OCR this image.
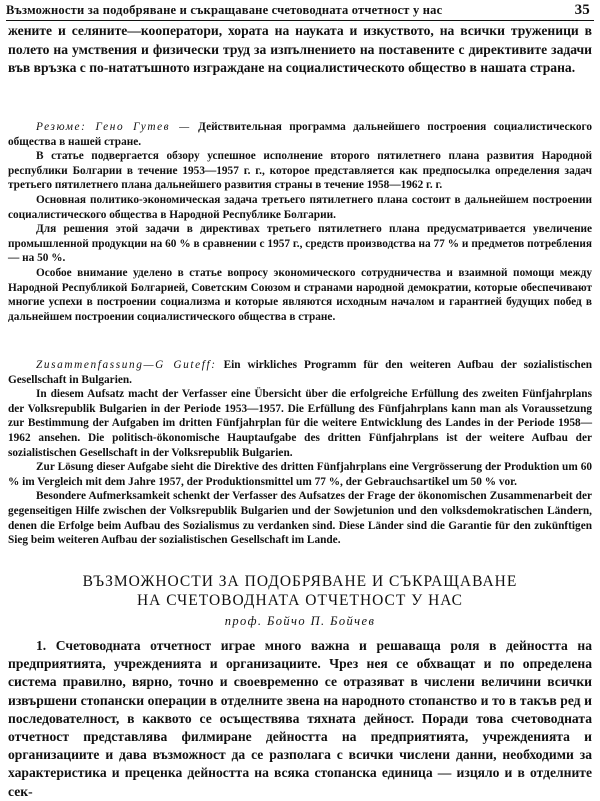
Възможности за подобряване и съкращаване счетоводната отчетност у нас	35

жените и селяните—кооператори, хората на науката и изкуството, на всички труженици в полето на умствения и физически труд за изпълнението на поставените с директивите задачи във връзка с по-нататъшното изграждане на социалистическото общество в нашата страна.

Резюме: Гено Гутев — Действительная программа дальнейшего построения социалистического общества в нашей стране.

В статье подвергается обзору успешное исполнение второго пятилетнего плана развития Народной республики Болгарии в течение 1953—1957 г. г., которое представляется как предпосылка определения задач третьего пятилетнего плана дальнейшего развития страны в течение 1958—1962 г. г.

Основная политико-экономическая задача третьего пятилетнего плана состоит в дальнейшем построении социалистического общества в Народной Республике Болгарии.

Для решения этой задачи в директивах третьего пятилетнего плана предусматривается увеличение промышленной продукции на 60 % в сравнении с 1957 г., средств производства на 77 % и предметов потребления — на 50 %.

Особое внимание уделено в статье вопросу экономического сотрудничества и взаимной помощи между Народной Республикой Болгарией, Советским Союзом и странами народной демократии, которые обеспечивают многие успехи в построении социализма и которые являются исходным началом и гарантией будущих побед в дальнейшем построении социалистического общества в стране.

Zusammenfassung—G Guteff: Ein wirkliches Programm für den weiteren Aufbau der sozialistischen Gesellschaft in Bulgarien.

In diesem Aufsatz macht der Verfasser eine Übersicht über die erfolgreiche Erfüllung des zweiten Fünfjahrplans der Volksrepublik Bulgarien in der Periode 1953—1957. Die Erfüllung des Fünfjahrplans kann man als Voraussetzung zur Bestimmung der Aufgaben im dritten Fünfjahrplan für die weitere Entwicklung des Landes in der Periode 1958—1962 ansehen. Die politisch-ökonomische Hauptaufgabe des dritten Fünfjahrplans ist der weitere Aufbau der sozialistischen Gesellschaft in der Volksrepublik Bulgarien.

Zur Lösung dieser Aufgabe sieht die Direktive des dritten Fünfjahrplans eine Vergrösserung der Produktion um 60 % im Vergleich mit dem Jahre 1957, der Produktionsmittel um 77 %, der Gebrauchsartikel um 50 % vor.

Besondere Aufmerksamkeit schenkt der Verfasser des Aufsatzes der Frage der ökonomischen Zusammenarbeit der gegenseitigen Hilfe zwischen der Volksrepublik Bulgarien und der Sowjetunion und den volksdemokratischen Ländern, denen die Erfolge beim Aufbau des Sozialismus zu verdanken sind. Diese Länder sind die Garantie für den zukünftigen Sieg beim weiteren Aufbau der sozialistischen Gesellschaft im Lande.

ВЪЗМОЖНОСТИ ЗА ПОДОБРЯВАНЕ И СЪКРАЩАВАНЕ
НА СЧЕТОВОДНАТА ОТЧЕТНОСТ У НАС
проф. Бойчо П. Бойчев

1. Счетоводната отчетност играе много важна и решаваща роля в дейността на предприятията, учрежденията и организациите. Чрез нея се обхващат и по определена система правилно, вярно, точно и своевременно се отразяват в числени величини всички извършени стопански операции в отделните звена на народното стопанство и то в такъв ред и последователност, в каквото се осъществява тяхната дейност. Поради това счетоводната отчетност представлява филмиране дейността на предприятията, учрежденията и организациите и дава възможност да се разполага с всички числени данни, необходими за характеристика и преценка дейността на всяка стопанска единица — изцяло и в отделните сек-
